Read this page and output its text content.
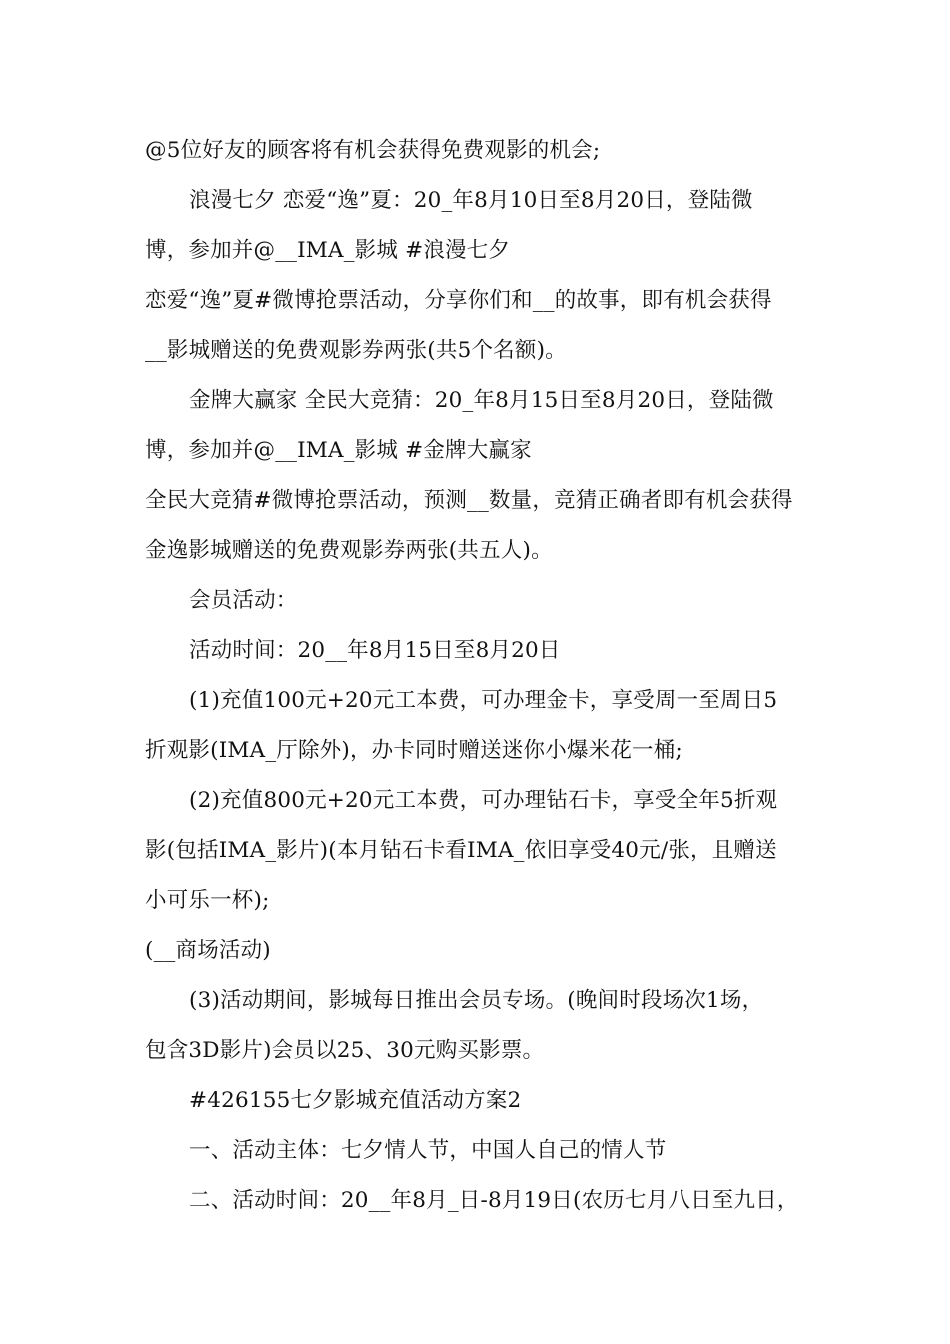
@5位好友的顾客将有机会获得免费观影的机会;
浪漫七夕 恋爱“逸”夏：20_年8月10日至8月20日，登陆微
博，参加并@__IMA_影城 #浪漫七夕
恋爱“逸”夏#微博抢票活动，分享你们和__的故事，即有机会获得
__影城赠送的免费观影券两张(共5个名额)。
金牌大赢家 全民大竞猜：20_年8月15日至8月20日，登陆微
博，参加并@__IMA_影城 #金牌大赢家
全民大竞猜#微博抢票活动，预测__数量，竞猜正确者即有机会获得
金逸影城赠送的免费观影券两张(共五人)。
会员活动：
活动时间：20__年8月15日至8月20日
(1)充值100元+20元工本费，可办理金卡，享受周一至周日5
折观影(IMA_厅除外)，办卡同时赠送迷你小爆米花一桶;
(2)充值800元+20元工本费，可办理钻石卡，享受全年5折观
影(包括IMA_影片)(本月钻石卡看IMA_依旧享受40元/张，且赠送
小可乐一杯);
(__商场活动)
(3)活动期间，影城每日推出会员专场。(晚间时段场次1场，
包含3D影片)会员以25、30元购买影票。
#426155七夕影城充值活动方案2
一、活动主体：七夕情人节，中国人自己的情人节
二、活动时间：20__年8月_日-8月19日(农历七月八日至九日，
